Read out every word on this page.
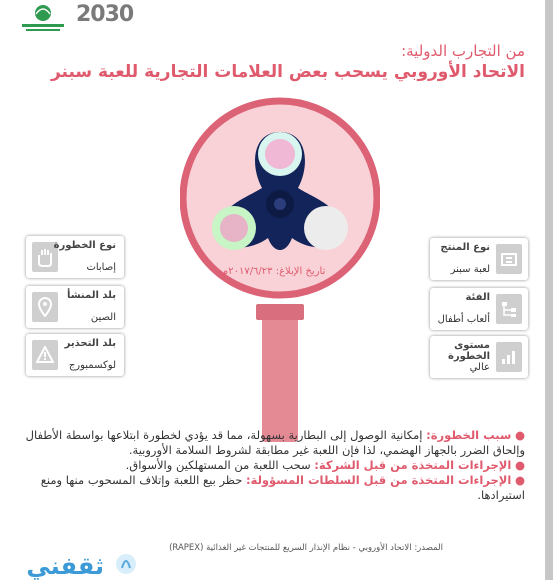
2030
من التجارب الدولية:
الاتحاد الأوروبي يسحب بعض العلامات التجارية للعبة سبنر
تاريخ الإبلاغ: ٢٠١٧/٦/٢٣م
نوع الخطورة
إصابات
بلد المنشأ
الصين
بلد التحذير
لوكسمبورج
نوع المنتج
لعبة سبنر
الفئة
ألعاب أطفال
مستوى الخطورة
عالي

● سبب الخطورة: إمكانية الوصول إلى البطارية بسهولة، مما قد يؤدي لخطورة ابتلاعها بواسطة الأطفال وإلحاق الضرر بالجهاز الهضمي، لذا فإن اللعبة غير مطابقة لشروط السلامة الأوروبية.

● الإجراءات المتخذة من قبل الشركة: سحب اللعبة من المستهلكين والأسواق.

● الإجراءات المتخذة من قبل السلطات المسؤولة: حظر بيع اللعبة وإتلاف المسحوب منها ومنع استيرادها.

المصدر: الاتحاد الأوروبي - نظام الإنذار السريع للمنتجات غير الغذائية (RAPEX)
ثقفني
